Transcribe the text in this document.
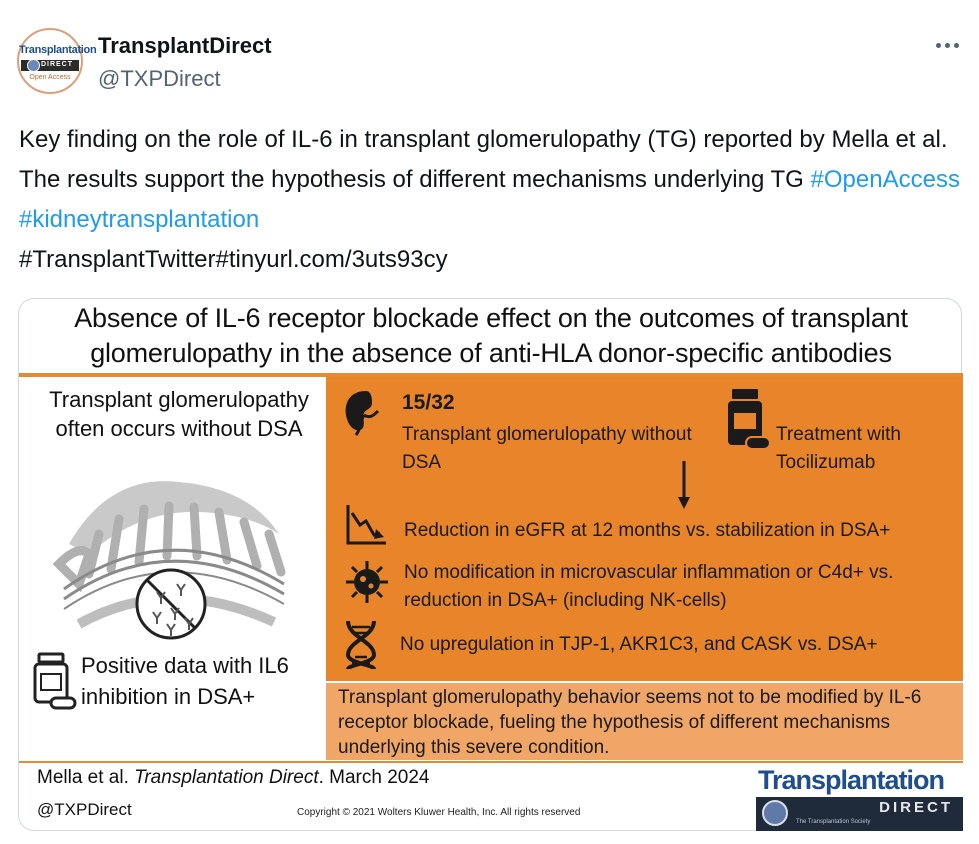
Transplantation
DIRECT
Open Access
TransplantDirect
@TXPDirect
Key finding on the role of IL-6 in transplant glomerulopathy (TG) reported by Mella et al. The results support the hypothesis of different mechanisms underlying TG #OpenAccess #kidneytransplantation
#TransplantTwitter#tinyurl.com/3uts93cy
Absence of IL-6 receptor blockade effect on the outcomes of transplant
glomerulopathy in the absence of anti-HLA donor-specific antibodies
Transplant glomerulopathy often occurs without DSA
Positive data with IL6 inhibition in DSA+
15/32
Transplant glomerulopathy without DSA
Treatment with Tocilizumab
Reduction in eGFR at 12 months vs. stabilization in DSA+
No modification in microvascular inflammation or C4d+ vs. reduction in DSA+ (including NK-cells)
No upregulation in TJP-1, AKR1C3, and CASK vs. DSA+

Transplant glomerulopathy behavior seems not to be modified by IL-6 receptor blockade, fueling the hypothesis of different mechanisms underlying this severe condition.

Mella et al. Transplantation Direct. March 2024
@TXPDirect	Copyright © 2021 Wolters Kluwer Health, Inc. All rights reserved
Transplantation
DIRECT
The Transplantation Society
